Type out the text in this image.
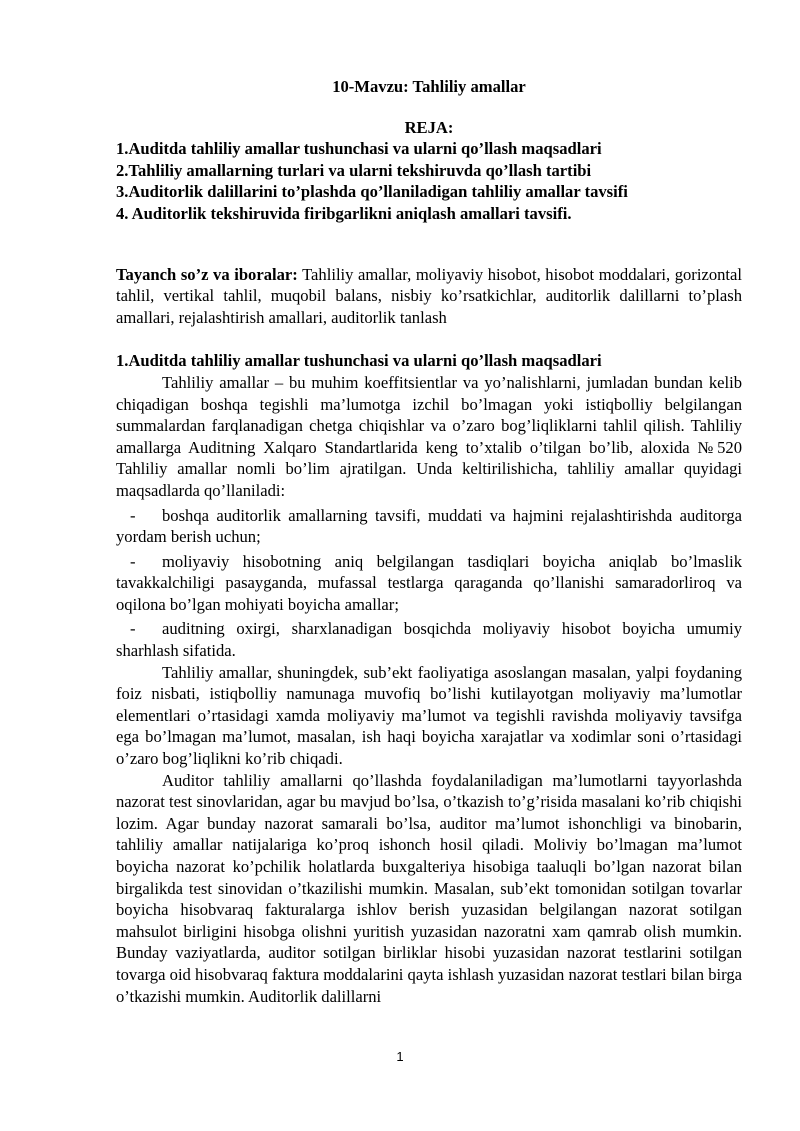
10-Mavzu: Tahliliy amallar
REJA:
1.Auditda tahliliy amallar tushunchasi va ularni qo’llash maqsadlari
2.Tahliliy amallarning turlari va ularni tekshiruvda qo’llash tartibi
3.Auditorlik dalillarini to’plashda qo’llaniladigan tahliliy amallar tavsifi
4. Auditorlik tekshiruvida firibgarlikni aniqlash amallari tavsifi.

Tayanch so’z va iboralar: Tahliliy amallar, moliyaviy hisobot, hisobot moddalari, gorizontal tahlil, vertikal tahlil, muqobil balans, nisbiy ko’rsatkichlar, auditorlik dalillarni to’plash amallari, rejalashtirish amallari, auditorlik tanlash

1.Auditda tahliliy amallar tushunchasi va ularni qo’llash maqsadlari

Tahliliy amallar – bu muhim koeffitsientlar va yo’nalishlarni, jumladan bundan kelib chiqadigan boshqa tegishli ma’lumotga izchil bo’lmagan yoki istiqbolliy belgilangan summalardan farqlanadigan chetga chiqishlar va o’zaro bog’liqliklarni tahlil qilish. Tahliliy amallarga Auditning Xalqaro Standartlarida keng to’xtalib o’tilgan bo’lib, aloxida №520 Tahliliy amallar nomli bo’lim ajratilgan. Unda keltirilishicha, tahliliy amallar quyidagi maqsadlarda qo’llaniladi:

- boshqa auditorlik amallarning tavsifi, muddati va hajmini rejalashtirishda auditorga yordam berish uchun;

- moliyaviy hisobotning aniq belgilangan tasdiqlari boyicha aniqlab bo’lmaslik tavakkalchiligi pasayganda, mufassal testlarga qaraganda qo’llanishi samaradorliroq va oqilona bo’lgan mohiyati boyicha amallar;

- auditning oxirgi, sharxlanadigan bosqichda moliyaviy hisobot boyicha umumiy sharhlash sifatida.

Tahliliy amallar, shuningdek, sub’ekt faoliyatiga asoslangan masalan, yalpi foydaning foiz nisbati, istiqbolliy namunaga muvofiq bo’lishi kutilayotgan moliyaviy ma’lumotlar elementlari o’rtasidagi xamda moliyaviy ma’lumot va tegishli ravishda moliyaviy tavsifga ega bo’lmagan ma’lumot, masalan, ish haqi boyicha xarajatlar va xodimlar soni o’rtasidagi o’zaro bog’liqlikni ko’rib chiqadi.

Auditor tahliliy amallarni qo’llashda foydalaniladigan ma’lumotlarni tayyorlashda nazorat test sinovlaridan, agar bu mavjud bo’lsa, o’tkazish to’g’risida masalani ko’rib chiqishi lozim. Agar bunday nazorat samarali bo’lsa, auditor ma’lumot ishonchligi va binobarin, tahliliy amallar natijalariga ko’proq ishonch hosil qiladi. Moliviy bo’lmagan ma’lumot boyicha nazorat ko’pchilik holatlarda buxgalteriya hisobiga taaluqli bo’lgan nazorat bilan birgalikda test sinovidan o’tkazilishi mumkin. Masalan, sub’ekt tomonidan sotilgan tovarlar boyicha hisobvaraq fakturalarga ishlov berish yuzasidan belgilangan nazorat sotilgan mahsulot birligini hisobga olishni yuritish yuzasidan nazoratni xam qamrab olish mumkin. Bunday vaziyatlarda, auditor sotilgan birliklar hisobi yuzasidan nazorat testlarini sotilgan tovarga oid hisobvaraq faktura moddalarini qayta ishlash yuzasidan nazorat testlari bilan birga o’tkazishi mumkin. Auditorlik dalillarni

1
